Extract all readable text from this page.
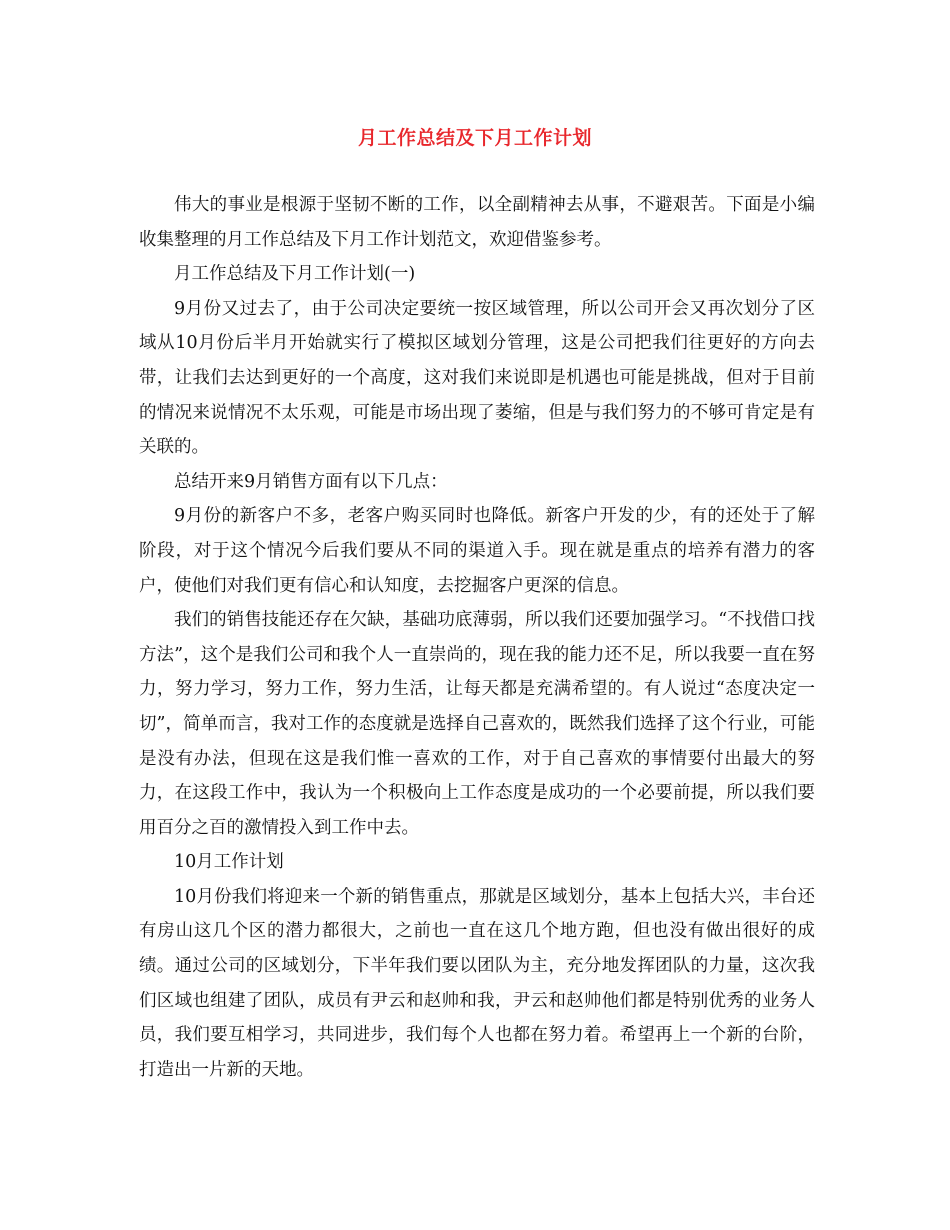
月工作总结及下月工作计划

伟大的事业是根源于坚韧不断的工作，以全副精神去从事，不避艰苦。下面是小编收集整理的月工作总结及下月工作计划范文，欢迎借鉴参考。

月工作总结及下月工作计划(一)

9月份又过去了，由于公司决定要统一按区域管理，所以公司开会又再次划分了区域从10月份后半月开始就实行了模拟区域划分管理，这是公司把我们往更好的方向去带，让我们去达到更好的一个高度，这对我们来说即是机遇也可能是挑战，但对于目前的情况来说情况不太乐观，可能是市场出现了萎缩，但是与我们努力的不够可肯定是有关联的。

总结开来9月销售方面有以下几点：

9月份的新客户不多，老客户购买同时也降低。新客户开发的少，有的还处于了解阶段，对于这个情况今后我们要从不同的渠道入手。现在就是重点的培养有潜力的客户，使他们对我们更有信心和认知度，去挖掘客户更深的信息。

我们的销售技能还存在欠缺，基础功底薄弱，所以我们还要加强学习。“不找借口找方法”，这个是我们公司和我个人一直崇尚的，现在我的能力还不足，所以我要一直在努力，努力学习，努力工作，努力生活，让每天都是充满希望的。有人说过“态度决定一切”，简单而言，我对工作的态度就是选择自己喜欢的，既然我们选择了这个行业，可能是没有办法，但现在这是我们惟一喜欢的工作，对于自己喜欢的事情要付出最大的努力，在这段工作中，我认为一个积极向上工作态度是成功的一个必要前提，所以我们要用百分之百的激情投入到工作中去。

10月工作计划

10月份我们将迎来一个新的销售重点，那就是区域划分，基本上包括大兴，丰台还有房山这几个区的潜力都很大，之前也一直在这几个地方跑，但也没有做出很好的成绩。通过公司的区域划分，下半年我们要以团队为主，充分地发挥团队的力量，这次我们区域也组建了团队，成员有尹云和赵帅和我，尹云和赵帅他们都是特别优秀的业务人员，我们要互相学习，共同进步，我们每个人也都在努力着。希望再上一个新的台阶，打造出一片新的天地。
